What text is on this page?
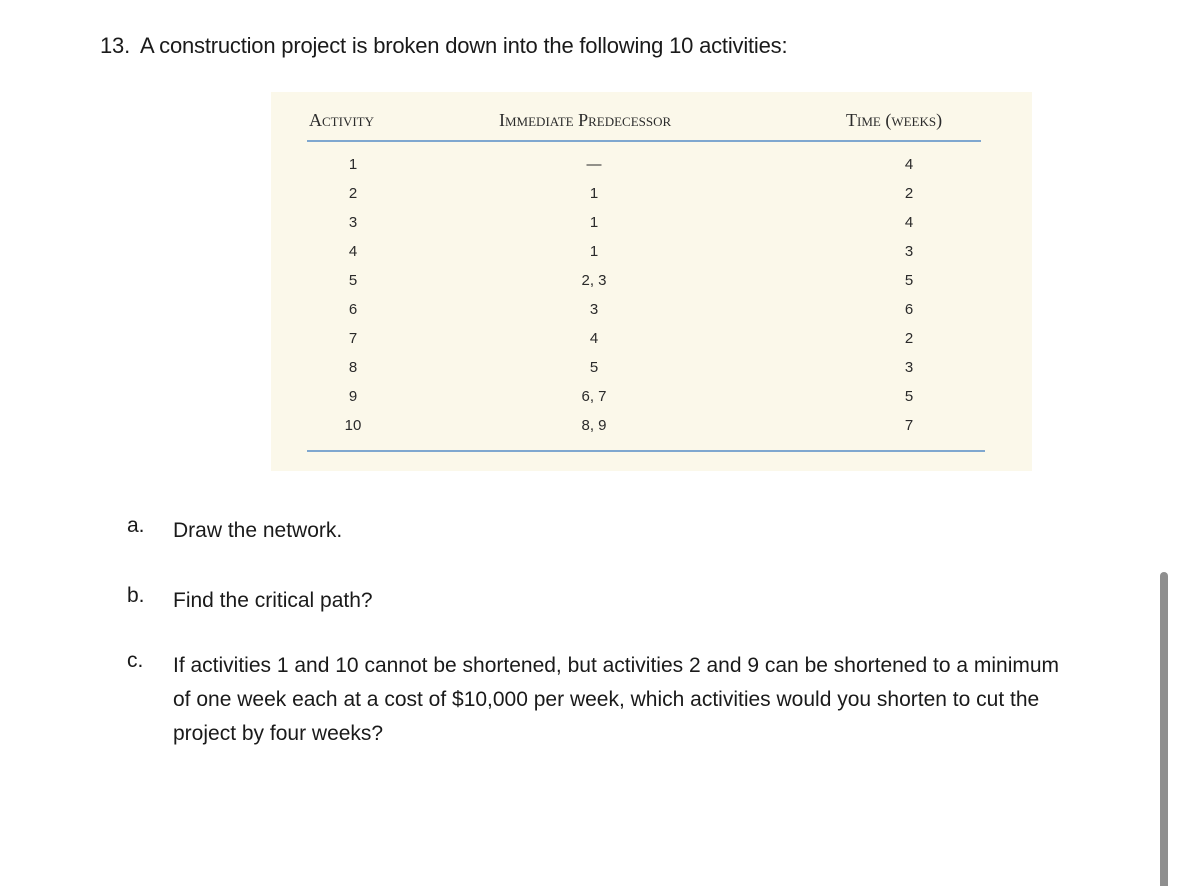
13. A construction project is broken down into the following 10 activities:
Activity	Immediate Predecessor	Time (weeks)
1	—	4
2	1	2
3	1	4
4	1	3
5	2, 3	5
6	3	6
7	4	2
8	5	3
9	6, 7	5
10	8, 9	7
a. Draw the network.
b. Find the critical path?
c. If activities 1 and 10 cannot be shortened, but activities 2 and 9 can be shortened to a minimum
of one week each at a cost of $10,000 per week, which activities would you shorten to cut the
project by four weeks?
